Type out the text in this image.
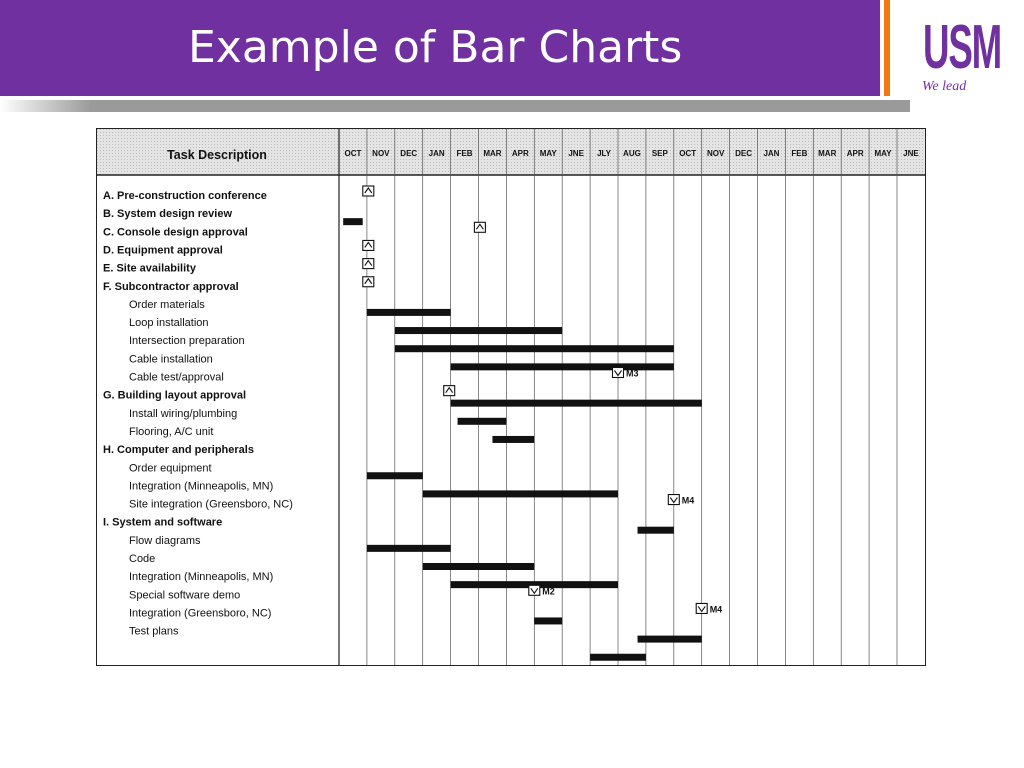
Example of Bar Charts	USM
We lead
Task Description	OCT NOV DEC JAN FEB MAR APR MAY JNE JLY AUG SEP OCT NOV DEC JAN FEB MAR APR MAY JNE
A. Pre-construction conference
B. System design review
C. Console design approval
D. Equipment approval
E. Site availability
F. Subcontractor approval
Order materials
Loop installation
Intersection preparation
Cable installation
Cable test/approval
G. Building layout approval
Install wiring/plumbing
Flooring, A/C unit
H. Computer and peripherals
Order equipment
Integration (Minneapolis, MN)
Site integration (Greensboro, NC)
I. System and software
Flow diagrams
Code
Integration (Minneapolis, MN)
Special software demo
Integration (Greensboro, NC)
Test plans
M3
M4
M2
M4
